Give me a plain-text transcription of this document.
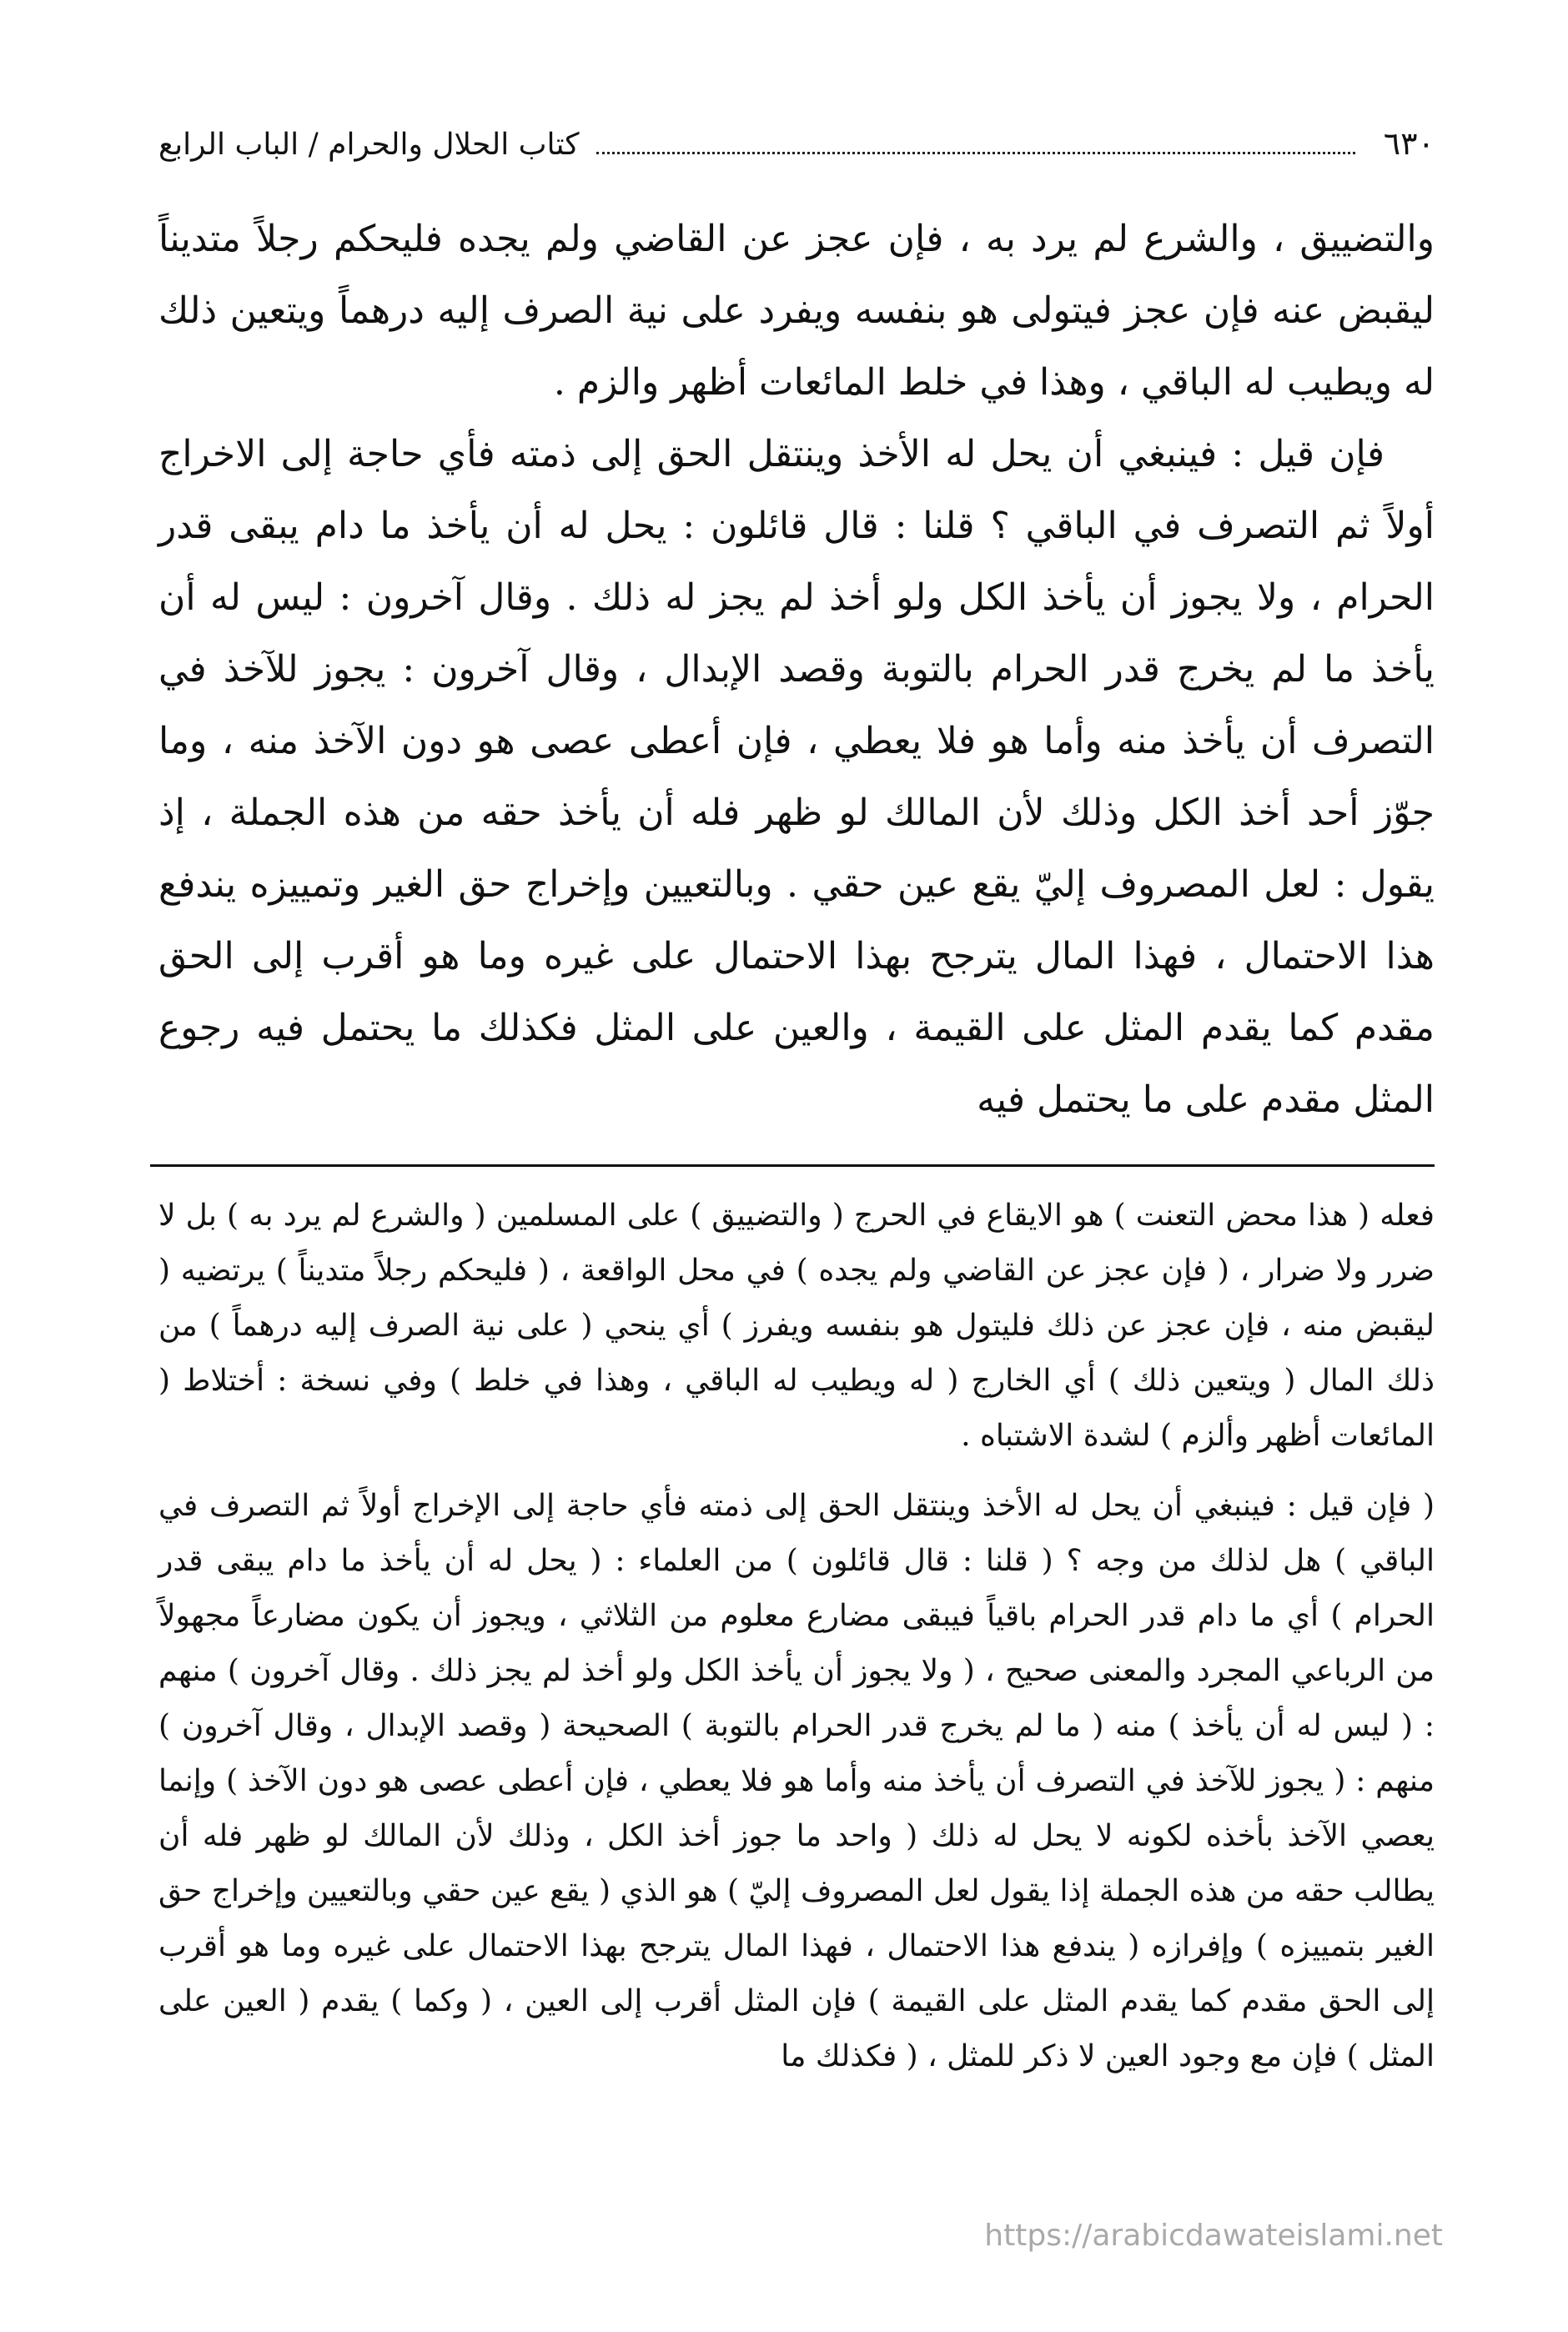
٦٣٠
كتاب الحلال والحرام / الباب الرابع

والتضييق ، والشرع لم يرد به ، فإن عجز عن القاضي ولم يجده فليحكم رجلاً متديناً ليقبض عنه فإن عجز فيتولى هو بنفسه ويفرد على نية الصرف إليه درهماً ويتعين ذلك له ويطيب له الباقي ، وهذا في خلط المائعات أظهر والزم .

فإن قيل : فينبغي أن يحل له الأخذ وينتقل الحق إلى ذمته فأي حاجة إلى الاخراج أولاً ثم التصرف في الباقي ؟ قلنا : قال قائلون : يحل له أن يأخذ ما دام يبقى قدر الحرام ، ولا يجوز أن يأخذ الكل ولو أخذ لم يجز له ذلك . وقال آخرون : ليس له أن يأخذ ما لم يخرج قدر الحرام بالتوبة وقصد الإبدال ، وقال آخرون : يجوز للآخذ في التصرف أن يأخذ منه وأما هو فلا يعطي ، فإن أعطى عصى هو دون الآخذ منه ، وما جوّز أحد أخذ الكل وذلك لأن المالك لو ظهر فله أن يأخذ حقه من هذه الجملة ، إذ يقول : لعل المصروف إليّ يقع عين حقي . وبالتعيين وإخراج حق الغير وتمييزه يندفع هذا الاحتمال ، فهذا المال يترجح بهذا الاحتمال على غيره وما هو أقرب إلى الحق مقدم كما يقدم المثل على القيمة ، والعين على المثل فكذلك ما يحتمل فيه رجوع المثل مقدم على ما يحتمل فيه

فعله ( هذا محض التعنت ) هو الايقاع في الحرج ( والتضييق ) على المسلمين ( والشرع لم يرد به ) بل لا ضرر ولا ضرار ، ( فإن عجز عن القاضي ولم يجده ) في محل الواقعة ، ( فليحكم رجلاً متديناً ) يرتضيه ( ليقبض منه ، فإن عجز عن ذلك فليتول هو بنفسه ويفرز ) أي ينحي ( على نية الصرف إليه درهماً ) من ذلك المال ( ويتعين ذلك ) أي الخارج ( له ويطيب له الباقي ، وهذا في خلط ) وفي نسخة : أختلاط ( المائعات أظهر وألزم ) لشدة الاشتباه .

( فإن قيل : فينبغي أن يحل له الأخذ وينتقل الحق إلى ذمته فأي حاجة إلى الإخراج أولاً ثم التصرف في الباقي ) هل لذلك من وجه ؟ ( قلنا : قال قائلون ) من العلماء : ( يحل له أن يأخذ ما دام يبقى قدر الحرام ) أي ما دام قدر الحرام باقياً فيبقى مضارع معلوم من الثلاثي ، ويجوز أن يكون مضارعاً مجهولاً من الرباعي المجرد والمعنى صحيح ، ( ولا يجوز أن يأخذ الكل ولو أخذ لم يجز ذلك . وقال آخرون ) منهم : ( ليس له أن يأخذ ) منه ( ما لم يخرج قدر الحرام بالتوبة ) الصحيحة ( وقصد الإبدال ، وقال آخرون ) منهم : ( يجوز للآخذ في التصرف أن يأخذ منه وأما هو فلا يعطي ، فإن أعطى عصى هو دون الآخذ ) وإنما يعصي الآخذ بأخذه لكونه لا يحل له ذلك ( واحد ما جوز أخذ الكل ، وذلك لأن المالك لو ظهر فله أن يطالب حقه من هذه الجملة إذا يقول لعل المصروف إليّ ) هو الذي ( يقع عين حقي وبالتعيين وإخراج حق الغير بتمييزه ) وإفرازه ( يندفع هذا الاحتمال ، فهذا المال يترجح بهذا الاحتمال على غيره وما هو أقرب إلى الحق مقدم كما يقدم المثل على القيمة ) فإن المثل أقرب إلى العين ، ( وكما ) يقدم ( العين على المثل ) فإن مع وجود العين لا ذكر للمثل ، ( فكذلك ما

https://arabicdawateislami.net
